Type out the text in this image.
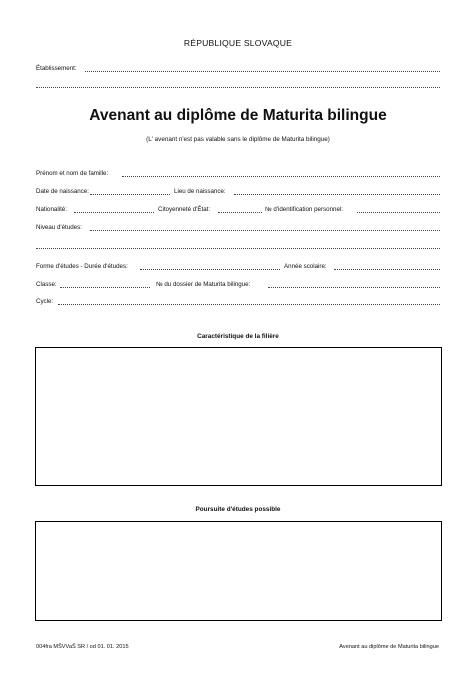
RÉPUBLIQUE SLOVAQUE
Établissement:
Avenant au diplôme de Maturita bilingue
(L' avenant n'est pas valable sans le diplôme de Maturita bilingue)
Prénom et nom de famille:
Date de naissance:	Lieu de naissance:
Nationalité:	Citoyenneté d'État:	№ d'identification personnel:
Niveau d'études:
Forme d'études - Durée d'études:	Année scolaire:
Classe:	№ du dossier de Maturita bilingue:
Cycle:
Caractéristique de la filière
Poursuite d'études possible
004fra MŠVVaŠ SR / od 01. 01. 2015	Avenant au diplôme de Maturita bilingue
